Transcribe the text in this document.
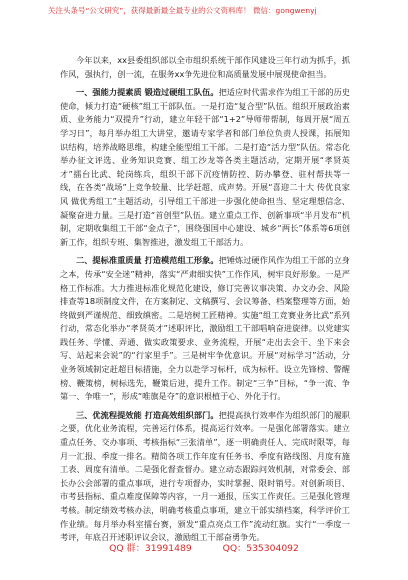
关注头条号“公文研究”，获得最新最全最专业的公文资料库！ 微信：gongwenyj

今年以来，xx县委组织部以全市组织系统干部作风建设三年行动为抓手，抓作风，强执行，创一流，在服务xx争先进位和高质量发展中展现使命担当。

一、强能力提素质 锻造过硬组工队伍。把适应时代需求作为组工干部的历史使命，倾力打造“硬核”组工干部队伍。一是打造“复合型”队伍。组织开展政治素质、业务能力“双提升”行动，建立年轻干部“1+2”导师带帮制，每周开展“周五学习日”，每月举办组工大讲堂，邀请专家学者和部门单位负责人授课，拓展知识结构，培养战略思维，构建全能型组工干部。二是打造“活力型”队伍。常态化举办征文评选、业务知识竞赛、组工沙龙等各类主题活动，定期开展“孝贤英才”擂台比武、轮岗练兵，组织干部下沉疫情防控、防办攀登、驻村帮扶等一线，在各类“战场”上竞争较量、比学赶超、成声势。开展“喜迎二十大 传优良家风 做优秀组工”主题活动，引导组工干部进一步强化使命担当、坚定理想信念、凝聚奋进力量。三是打造“首创型”队伍。建立重点工作、创新事项“半月发布”机制，定期收集组工干部“金点子”，围绕强国中心建设、城乡“两长”体系等6项创新工作，组织专班、集智推进，激发组工干部活力。

二、提标准重质量 打造模范组工形象。把锤炼过硬作风作为组工干部的立身之本，传承“安全迷”精神，落实“严肃细实快”工作作风，树牢良好形象。一是严格工作标准。大力推进标准化规范化建设，修订完善议事决策、办文办会、风险排查等18项制度文件，在方案制定、文稿撰写、会议筹备、档案整理等方面，始终做到严谨规范、细致缜密。二是培树工匠精神。实施“组工竞赛业务比武”系列行动，常态化举办“孝贤英才”述职评比，激励组工干部唱响奋进旋律。以党建实践任务、学懂、弄通、做实政策要求、业务流程，开展“走出去会干、坐下来会写、站起来会说”的“行家里手”。三是树牢争优意识。开展“对标学习”活动，分业务领域制定赶超目标措施，全力以赴学习标杆，成为标杆。设立先锋榜、警醒榜、鞭策榜，树标选先，鞭策后进，提升工作。制定“三争”目标，“争一流、争第一、争唯一”，形成“唯旗是夺”的意识根植于心、外化于行。

三、优流程提效能 打造高效组织部门。把提高执行效率作为组织部门的履职之要，优化业务流程，完善运行体系，提高运行效率。一是强化部署落实。建立重点任务、交办事项、考核指标“三张清单”，逐一明确责任人、完成时限等，每月一汇报、季度一排名。精简各项工作年度有任务书、季度有路线图、月度有施工表、周度有清单。二是强化督查督办。建立动态跟踪问效机制，对常委会、部长办公会部署的重点事项，进行专项督办，实时掌握、限时销号。对创新项目、市考县指标、重点难度保障等内容，一月一通报，压实工作责任。三是强化管理考核。制定绩效考核办法，明确考核重点事项，建立干部实绩档案，科学评价工作业绩。每月举办科室擂台赛，颁发“重点亮点工作”流动红旗。实行“一季度一考评，年底召开述职评议会议，激励组工干部奋勇争先。

QQ 群：31991489	QQ：535304092
